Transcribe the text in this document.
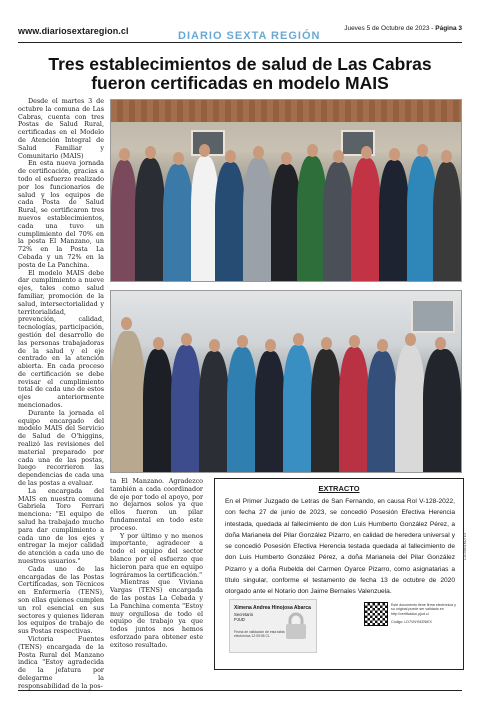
www.diariosextaregion.cl	DIARIO SEXTA REGIÓN
Jueves 5 de Octubre de 2023 - Página 3
Tres establecimientos de salud de Las Cabras
fueron certificadas en modelo MAIS

Desde el martes 3 de octubre la comuna de Las Cabras, cuenta con tres Postas de Salud Rural, certificadas en el Modelo de Atención Integral de Salud Familiar y Comunitario (MAIS)

En esta nueva jornada de certificación, gracias a todo el esfuerzo realizado por los funcionarios de salud y los equipos de cada Posta de Salud Rural, se certificaron tres nuevos establecimientos, cada una tuvo un cumplimiento del 70% en la posta El Manzano, un 72% en la Posta La Cebada y un 72% en la posta de La Panchina.

El modelo MAIS debe dar cumplimiento a nueve ejes, tales como salud familiar, promoción de la salud, intersectorialidad y territorialidad, prevención, calidad, tecnologías, participación, gestión del desarrollo de las personas trabajadoras de la salud y el eje centrado en la atención abierta. En cada proceso de certificación se debe revisar el cumplimiento total de cada uno de estos ejes anteriormente mencionados.

Durante la jornada el equipo encargado del modelo MAIS del Servicio de Salud de O'higgins, realizó las revisiones del material preparado por cada una de las postas, luego recorrieron las dependencias de cada una de las postas a evaluar.

La encargada del MAIS en nuestra comuna Gabriela Toro Ferrari menciona: "El equipo de salud ha trabajado mucho para dar cumplimiento a cada uno de los ejes y entregar la mejor calidad de atención a cada uno de nuestros usuarios."

Cada uno de las encargadas de las Postas Certificadas, son Técnicos en Enfermería (TENS), son ellas quienes cumplen un rol esencial en sus sectores y quienes lideran los equipos de trabajo de sus Postas respectivas.

Victoria Fuentes (TENS) encargada de la Posta Rural del Manzano indica "Estoy agradecida de la jefatura por delegarme la responsabilidad de la pos-

ta El Manzano. Agradezco también a cada coordinador de eje por todo el apoyo, por no dejarnos solos ya que ellos fueron un pilar fundamental en todo este proceso.

Y por último y no menos importante, agradecer a todo el equipo del sector blanco por el esfuerzo que hicieron para que en equipo lográramos la certificación."

Mientras que Viviana Vargas (TENS) encargada de las postas La Cebada y La Panchina comenta "Estoy muy orgullosa de todo el equipo de trabajo ya que todos juntos nos hemos esforzado para obtener este exitoso resultado.

EXTRACTO
En el Primer Juzgado de Letras de San Fernando, en causa Rol V-128-2022, con fecha 27 de junio de 2023, se concedió Posesión Efectiva Herencia intestada, quedada al fallecimiento de don Luis Humberto González Pérez, a doña Marianela del Pilar González Pizarro, en calidad de heredera universal y se concedió Posesión Efectiva Herencia testada quedada al fallecimiento de don Luis Humberto González Pérez, a doña Marianela del Pilar González Pizarro y a doña Rubelda del Carmen Oyarce Pizarro, como asignatarias a título singular, conforme el testamento de fecha 13 de octubre de 2020 otorgado ante el Notario don Jaime Bernales Valenzuela.
Ximena Andrea Hinojosa Abarca
Secretario
PJUD
Fecha de validación de esta tabla electrónica 12:09:05 CL
Este documento tiene firma electrónica y su original puede ser validado en http://verificadoc.pjud.cl
Código: LD7VNYMZNIEX
L1DVAN1M2I EX
